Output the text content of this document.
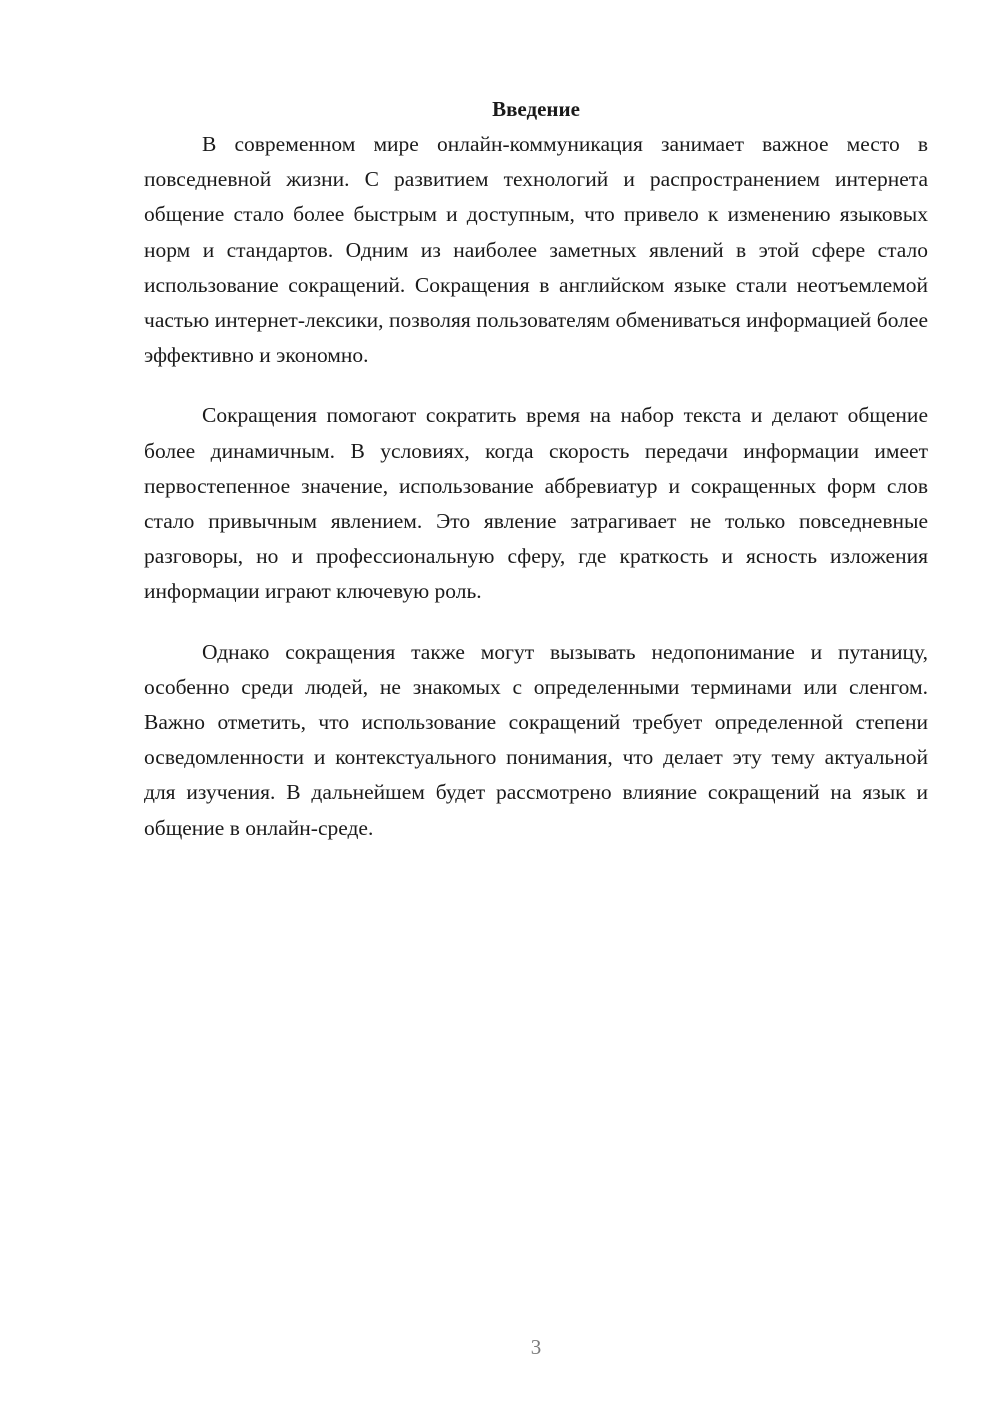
Введение

В современном мире онлайн-коммуникация занимает важное место в повседневной жизни. С развитием технологий и распространением интернета общение стало более быстрым и доступным, что привело к изменению языковых норм и стандартов. Одним из наиболее заметных явлений в этой сфере стало использование сокращений. Сокращения в английском языке стали неотъемлемой частью интернет-лексики, позволяя пользователям обмениваться информацией более эффективно и экономно.

Сокращения помогают сократить время на набор текста и делают общение более динамичным. В условиях, когда скорость передачи информации имеет первостепенное значение, использование аббревиатур и сокращенных форм слов стало привычным явлением. Это явление затрагивает не только повседневные разговоры, но и профессиональную сферу, где краткость и ясность изложения информации играют ключевую роль.

Однако сокращения также могут вызывать недопонимание и путаницу, особенно среди людей, не знакомых с определенными терминами или сленгом. Важно отметить, что использование сокращений требует определенной степени осведомленности и контекстуального понимания, что делает эту тему актуальной для изучения. В дальнейшем будет рассмотрено влияние сокращений на язык и общение в онлайн-среде.

3
